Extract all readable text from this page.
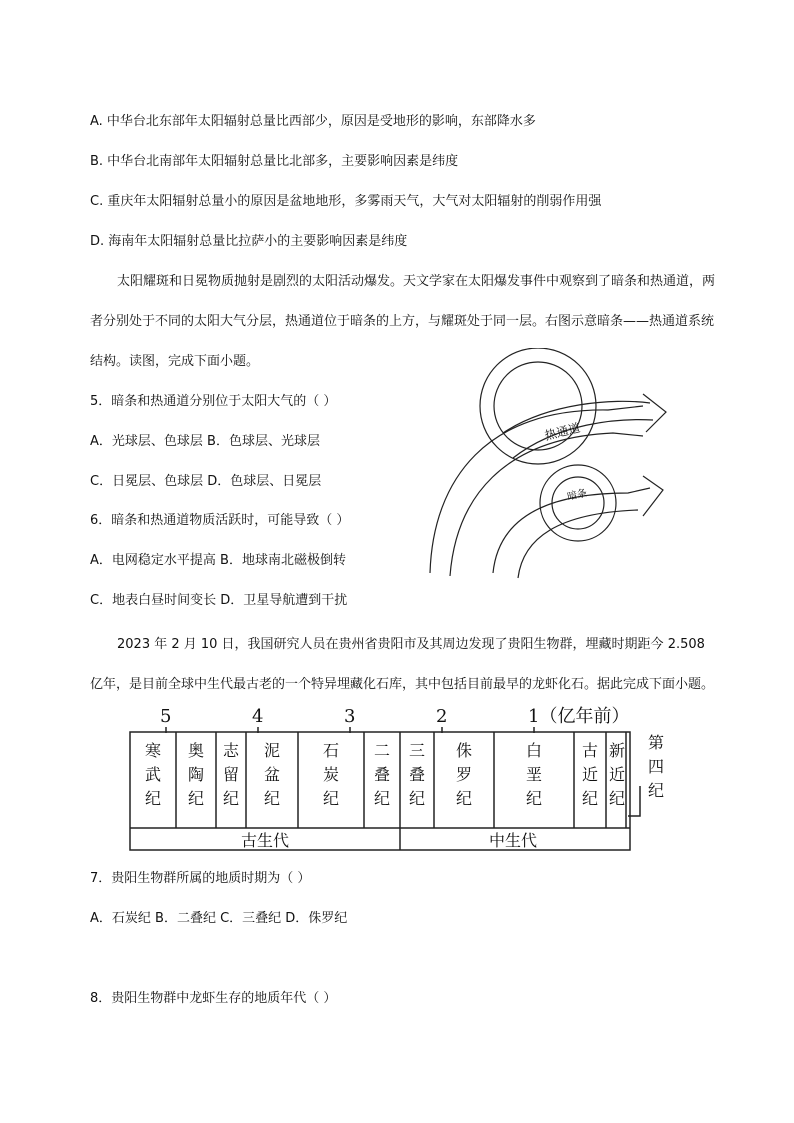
A. 中华台北东部年太阳辐射总量比西部少，原因是受地形的影响，东部降水多
B. 中华台北南部年太阳辐射总量比北部多，主要影响因素是纬度
C. 重庆年太阳辐射总量小的原因是盆地地形，多雾雨天气，大气对太阳辐射的削弱作用强
D. 海南年太阳辐射总量比拉萨小的主要影响因素是纬度
太阳耀斑和日冕物质抛射是剧烈的太阳活动爆发。天文学家在太阳爆发事件中观察到了暗条和热通道，两者分别处于不同的太阳大气分层，热通道位于暗条的上方，与耀斑处于同一层。右图示意暗条——热通道系统结构。读图，完成下面小题。
5．暗条和热通道分别位于太阳大气的（ ）
A．光球层、色球层 B．色球层、光球层
C．日冕层、色球层 D．色球层、日冕层
6．暗条和热通道物质活跃时，可能导致（ ）
A．电网稳定水平提高 B．地球南北磁极倒转
C．地表白昼时间变长 D．卫星导航遭到干扰
热通道
暗条
2023 年 2 月 10 日，我国研究人员在贵州省贵阳市及其周边发现了贵阳生物群，埋藏时期距今 2.508 亿年，是目前全球中生代最古老的一个特异埋藏化石库，其中包括目前最早的龙虾化石。据此完成下面小题。
5	4	3	2	1（亿年前）
寒
武
纪
奥
陶
纪
志
留
纪
泥
盆
纪
石
炭
纪
二
叠
纪
三
叠
纪
侏
罗
纪
白
垩
纪
古
近
纪
新
近
纪
第
四
纪
古生代	中生代
7．贵阳生物群所属的地质时期为（ ）
A．石炭纪 B．二叠纪 C．三叠纪 D．侏罗纪
8．贵阳生物群中龙虾生存的地质年代（ ）
